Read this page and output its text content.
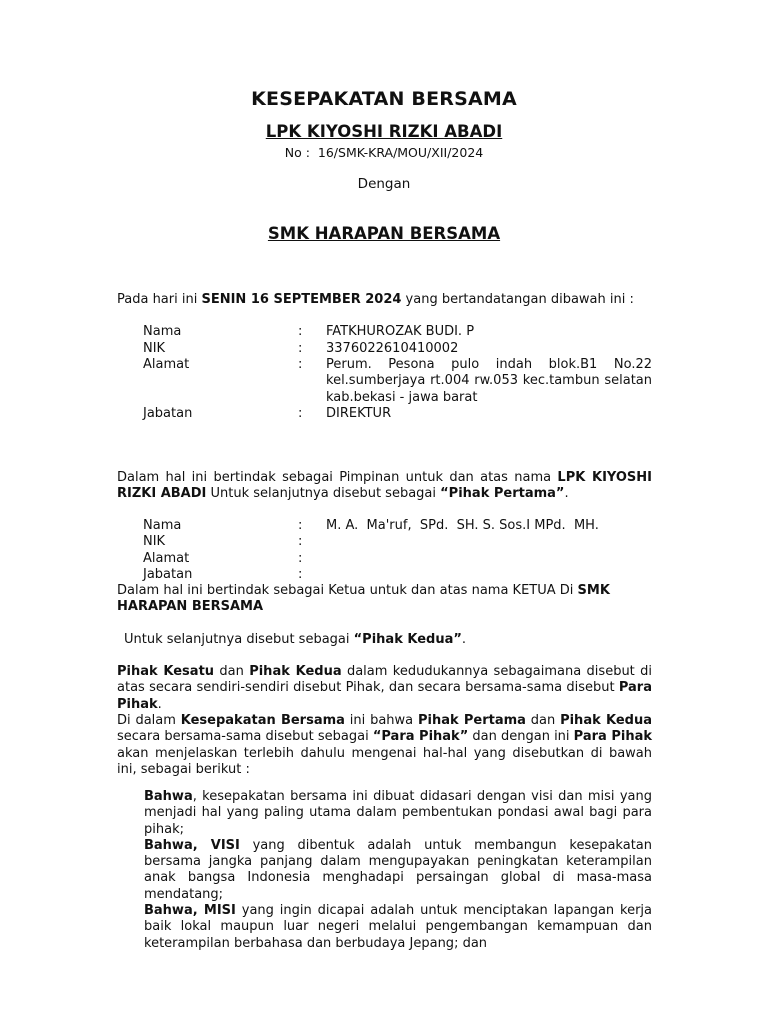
KESEPAKATAN BERSAMA
LPK KIYOSHI RIZKI ABADI
No : 16/SMK-KRA/MOU/XII/2024
Dengan
SMK HARAPAN BERSAMA
Pada hari ini SENIN 16 SEPTEMBER 2024 yang bertandatangan dibawah ini :
Nama	: FATKHUROZAK BUDI. P
NIK	: 3376022610410002
Alamat	: Perum. Pesona pulo indah blok.B1 No.22 kel.sumberjaya rt.004 rw.053 kec.tambun selatan kab.bekasi - jawa barat
Jabatan	: DIREKTUR
Dalam hal ini bertindak sebagai Pimpinan untuk dan atas nama LPK KIYOSHI RIZKI ABADI Untuk selanjutnya disebut sebagai “Pihak Pertama”.
Nama	: M. A.  Ma'ruf,  SPd.  SH. S. Sos.I MPd.  MH.
NIK	:
Alamat	:
Jabatan	:
Dalam hal ini bertindak sebagai Ketua untuk dan atas nama KETUA Di SMK HARAPAN BERSAMA
Untuk selanjutnya disebut sebagai “Pihak Kedua”.
Pihak Kesatu dan Pihak Kedua dalam kedudukannya sebagaimana disebut di atas secara sendiri-sendiri disebut Pihak, dan secara bersama-sama disebut Para Pihak.
Di dalam Kesepakatan Bersama ini bahwa Pihak Pertama dan Pihak Kedua secara bersama-sama disebut sebagai “Para Pihak” dan dengan ini Para Pihak akan menjelaskan terlebih dahulu mengenai hal-hal yang disebutkan di bawah ini, sebagai berikut :
Bahwa, kesepakatan bersama ini dibuat didasari dengan visi dan misi yang menjadi hal yang paling utama dalam pembentukan pondasi awal bagi para pihak;
Bahwa, VISI yang dibentuk adalah untuk membangun kesepakatan bersama jangka panjang dalam mengupayakan peningkatan keterampilan anak bangsa Indonesia menghadapi persaingan global di masa-masa mendatang;
Bahwa, MISI yang ingin dicapai adalah untuk menciptakan lapangan kerja baik lokal maupun luar negeri melalui pengembangan kemampuan dan keterampilan berbahasa dan berbudaya Jepang; dan
